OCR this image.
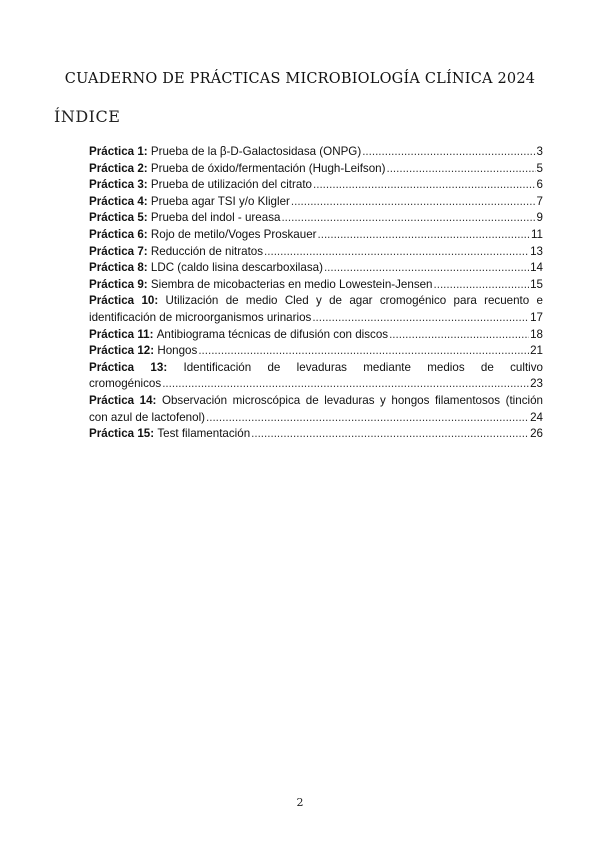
CUADERNO DE PRÁCTICAS MICROBIOLOGÍA CLÍNICA 2024
ÍNDICE
Práctica 1:
Prueba de la β-D-Galactosidasa (ONPG) .....	3
Práctica 2:
Prueba de óxido/fermentación (Hugh-Leifson) .....	5
Práctica 3:
Prueba de utilización del citrato .....	6
Práctica 4:
Prueba agar TSI y/o Kligler .....	7
Práctica 5:
Prueba del indol - ureasa .....	9
Práctica 6:
Rojo de metilo/Voges Proskauer .....	11
Práctica 7:
Reducción de nitratos .....	13
Práctica 8:
LDC (caldo lisina descarboxilasa) .....	14
Práctica 9:
Siembra de micobacterias en medio Lowestein-Jensen .....	15
Práctica 10: Utilización de medio Cled y de agar cromogénico para recuento e
identificación de microorganismos urinarios .....	17
Práctica 11:
Antibiograma técnicas de difusión con discos .....	18
Práctica 12:
Hongos .....	21
Práctica 13: Identificación de levaduras mediante medios de cultivo
cromogénicos .....	23
Práctica 14: Observación microscópica de levaduras y hongos filamentosos (tinción
con azul de lactofenol) .....	24
Práctica 15:
Test filamentación .....	26
2
